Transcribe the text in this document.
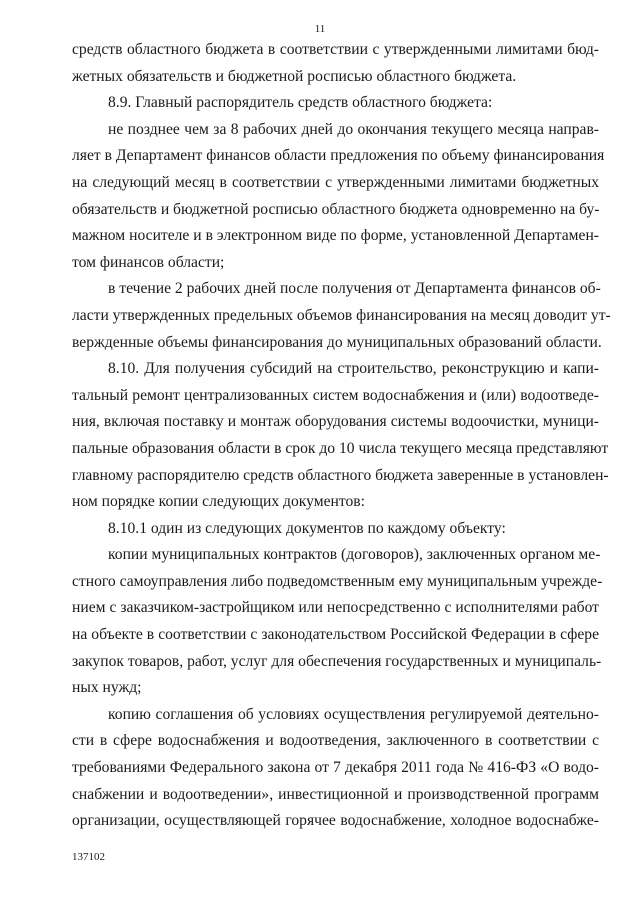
11
средств областного бюджета в соответствии с утвержденными лимитами бюд-
жетных обязательств и бюджетной росписью областного бюджета.
8.9. Главный распорядитель средств областного бюджета:
не позднее чем за 8 рабочих дней до окончания текущего месяца направ-
ляет в Департамент финансов области предложения по объему финансирования
на следующий месяц в соответствии с утвержденными лимитами бюджетных
обязательств и бюджетной росписью областного бюджета одновременно на бу-
мажном носителе и в электронном виде по форме, установленной Департамен-
том финансов области;
в течение 2 рабочих дней после получения от Департамента финансов об-
ласти утвержденных предельных объемов финансирования на месяц доводит ут-
вержденные объемы финансирования до муниципальных образований области.
8.10. Для получения субсидий на строительство, реконструкцию и капи-
тальный ремонт централизованных систем водоснабжения и (или) водоотведе-
ния, включая поставку и монтаж оборудования системы водоочистки, муници-
пальные образования области в срок до 10 числа текущего месяца представляют
главному распорядителю средств областного бюджета заверенные в установлен-
ном порядке копии следующих документов:
8.10.1 один из следующих документов по каждому объекту:
копии муниципальных контрактов (договоров), заключенных органом ме-
стного самоуправления либо подведомственным ему муниципальным учрежде-
нием с заказчиком-застройщиком или непосредственно с исполнителями работ
на объекте в соответствии с законодательством Российской Федерации в сфере
закупок товаров, работ, услуг для обеспечения государственных и муниципаль-
ных нужд;
копию соглашения об условиях осуществления регулируемой деятельно-
сти в сфере водоснабжения и водоотведения, заключенного в соответствии с
требованиями Федерального закона от 7 декабря 2011 года № 416-ФЗ «О водо-
снабжении и водоотведении», инвестиционной и производственной программ
организации, осуществляющей горячее водоснабжение, холодное водоснабже-
137102
